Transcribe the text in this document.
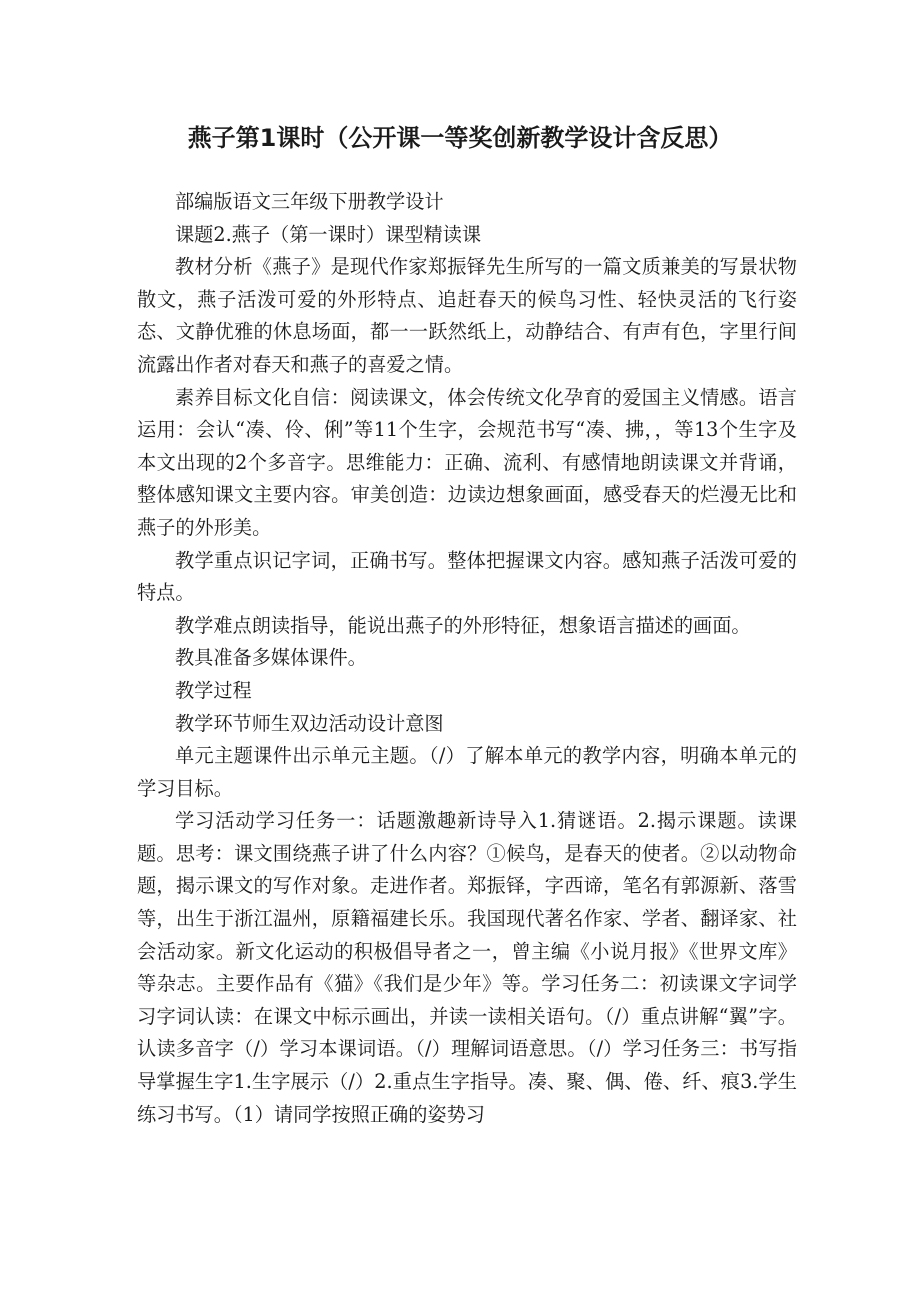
燕子第1课时（公开课一等奖创新教学设计含反思）

部编版语文三年级下册教学设计

课题2.燕子（第一课时）课型精读课

教材分析《燕子》是现代作家郑振铎先生所写的一篇文质兼美的写景状物散文，燕子活泼可爱的外形特点、追赶春天的候鸟习性、轻快灵活的飞行姿态、文静优雅的休息场面，都一一跃然纸上，动静结合、有声有色，字里行间流露出作者对春天和燕子的喜爱之情。

素养目标文化自信：阅读课文，体会传统文化孕育的爱国主义情感。语言运用：会认“凑、伶、俐”等11个生字，会规范书写“凑、拂，，等13个生字及本文出现的2个多音字。思维能力：正确、流利、有感情地朗读课文并背诵，整体感知课文主要内容。审美创造：边读边想象画面，感受春天的烂漫无比和燕子的外形美。

教学重点识记字词，正确书写。整体把握课文内容。感知燕子活泼可爱的特点。

教学难点朗读指导，能说出燕子的外形特征，想象语言描述的画面。

教具准备多媒体课件。

教学过程

教学环节师生双边活动设计意图

单元主题课件出示单元主题。（/）了解本单元的教学内容，明确本单元的学习目标。

学习活动学习任务一：话题激趣新诗导入1.猜谜语。2.揭示课题。读课题。思考：课文围绕燕子讲了什么内容？①候鸟，是春天的使者。②以动物命题，揭示课文的写作对象。走进作者。郑振铎，字西谛，笔名有郭源新、落雪等，出生于浙江温州，原籍福建长乐。我国现代著名作家、学者、翻译家、社会活动家。新文化运动的积极倡导者之一，曾主编《小说月报》《世界文库》等杂志。主要作品有《猫》《我们是少年》等。学习任务二：初读课文字词学习字词认读：在课文中标示画出，并读一读相关语句。（/）重点讲解“翼”字。认读多音字（/）学习本课词语。（/）理解词语意思。（/）学习任务三：书写指导掌握生字1.生字展示（/）2.重点生字指导。凑、聚、偶、倦、纤、痕3.学生练习书写。（1）请同学按照正确的姿势习
